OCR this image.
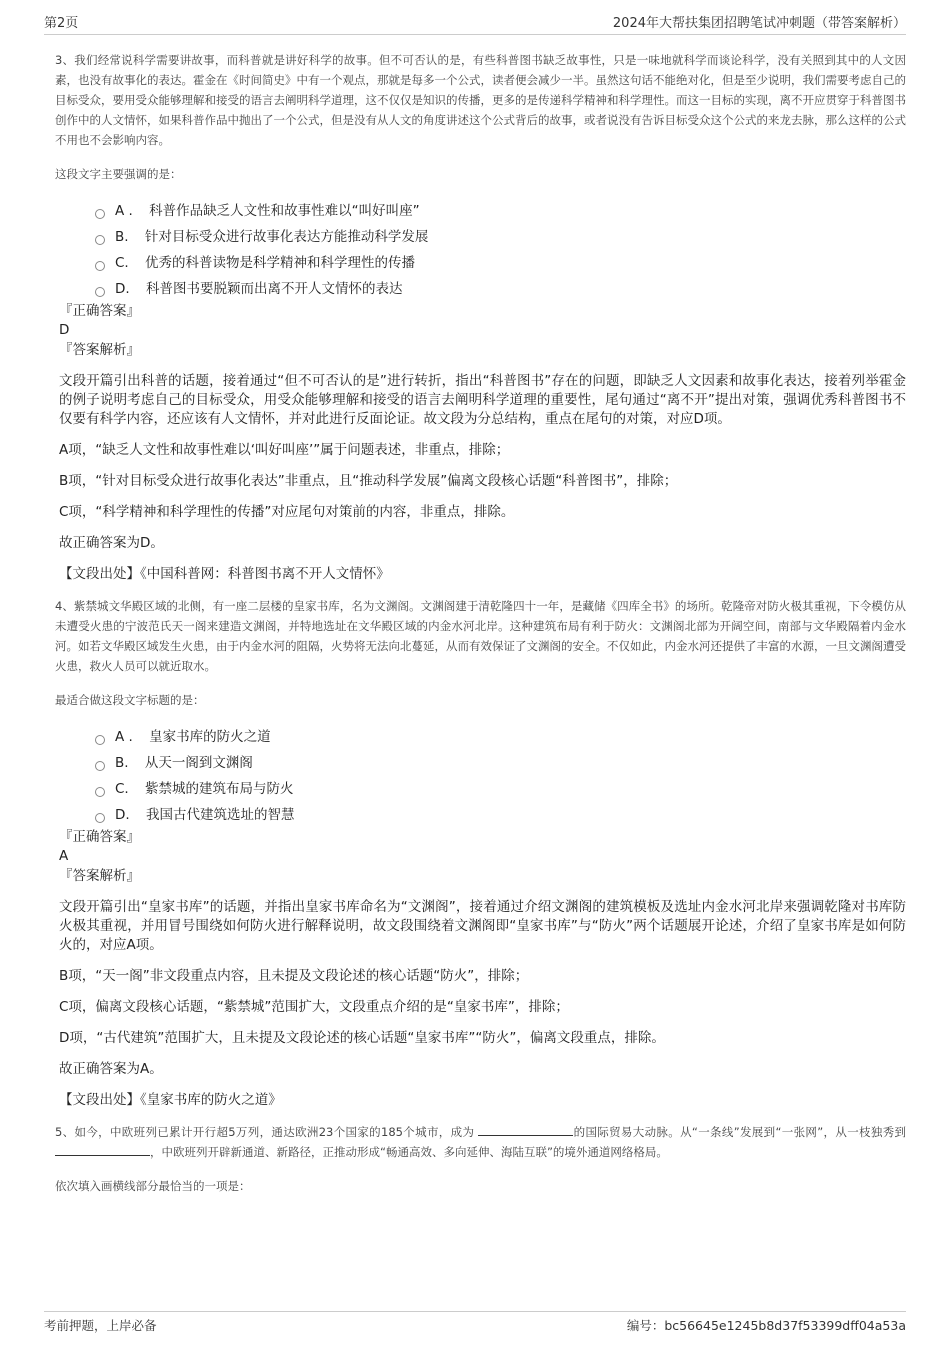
第2页	2024年大帮扶集团招聘笔试冲刺题（带答案解析）

3、我们经常说科学需要讲故事，而科普就是讲好科学的故事。但不可否认的是，有些科普图书缺乏故事性，只是一味地就科学而谈论科学，没有关照到其中的人文因素，也没有故事化的表达。霍金在《时间简史》中有一个观点，那就是每多一个公式，读者便会减少一半。虽然这句话不能绝对化，但是至少说明，我们需要考虑自己的目标受众，要用受众能够理解和接受的语言去阐明科学道理，这不仅仅是知识的传播，更多的是传递科学精神和科学理性。而这一目标的实现，离不开应贯穿于科普图书创作中的人文情怀，如果科普作品中抛出了一个公式，但是没有从人文的角度讲述这个公式背后的故事，或者说没有告诉目标受众这个公式的来龙去脉，那么这样的公式不用也不会影响内容。

这段文字主要强调的是：

A . 科普作品缺乏人文性和故事性难以“叫好叫座”
B. 针对目标受众进行故事化表达方能推动科学发展
C. 优秀的科普读物是科学精神和科学理性的传播
D. 科普图书要脱颖而出离不开人文情怀的表达
『正确答案』
D
『答案解析』

文段开篇引出科普的话题，接着通过“但不可否认的是”进行转折，指出“科普图书”存在的问题，即缺乏人文因素和故事化表达，接着列举霍金的例子说明考虑自己的目标受众，用受众能够理解和接受的语言去阐明科学道理的重要性，尾句通过“离不开”提出对策，强调优秀科普图书不仅要有科学内容，还应该有人文情怀，并对此进行反面论证。故文段为分总结构，重点在尾句的对策，对应D项。

A项，“缺乏人文性和故事性难以‘叫好叫座’”属于问题表述，非重点，排除；

B项，“针对目标受众进行故事化表达”非重点，且“推动科学发展”偏离文段核心话题“科普图书”，排除；

C项，“科学精神和科学理性的传播”对应尾句对策前的内容，非重点，排除。

故正确答案为D。

【文段出处】《中国科普网：科普图书离不开人文情怀》

4、紫禁城文华殿区域的北侧，有一座二层楼的皇家书库，名为文渊阁。文渊阁建于清乾隆四十一年，是藏储《四库全书》的场所。乾隆帝对防火极其重视，下令模仿从未遭受火患的宁波范氏天一阁来建造文渊阁，并特地选址在文华殿区域的内金水河北岸。这种建筑布局有利于防火：文渊阁北部为开阔空间，南部与文华殿隔着内金水河。如若文华殿区域发生火患，由于内金水河的阻隔，火势将无法向北蔓延，从而有效保证了文渊阁的安全。不仅如此，内金水河还提供了丰富的水源，一旦文渊阁遭受火患，救火人员可以就近取水。

最适合做这段文字标题的是：

A . 皇家书库的防火之道
B. 从天一阁到文渊阁
C. 紫禁城的建筑布局与防火
D. 我国古代建筑选址的智慧
『正确答案』
A
『答案解析』

文段开篇引出“皇家书库”的话题，并指出皇家书库命名为“文渊阁”，接着通过介绍文渊阁的建筑模板及选址内金水河北岸来强调乾隆对书库防火极其重视，并用冒号围绕如何防火进行解释说明，故文段围绕着文渊阁即“皇家书库”与“防火”两个话题展开论述，介绍了皇家书库是如何防火的，对应A项。

B项，“天一阁”非文段重点内容，且未提及文段论述的核心话题“防火”，排除；

C项，偏离文段核心话题，“紫禁城”范围扩大，文段重点介绍的是“皇家书库”，排除；

D项，“古代建筑”范围扩大，且未提及文段论述的核心话题“皇家书库”“防火”，偏离文段重点，排除。

故正确答案为A。

【文段出处】《皇家书库的防火之道》

5、如今，中欧班列已累计开行超5万列，通达欧洲23个国家的185个城市，成为	的国际贸易大动脉。从“一条线”发展到“一张网”，从一枝独秀到 ，中欧班列开辟新通道、新路径，正推动形成“畅通高效、多向延伸、海陆互联”的境外通道网络格局。

依次填入画横线部分最恰当的一项是：

考前押题，上岸必备	编号：bc56645e1245b8d37f53399dff04a53a
